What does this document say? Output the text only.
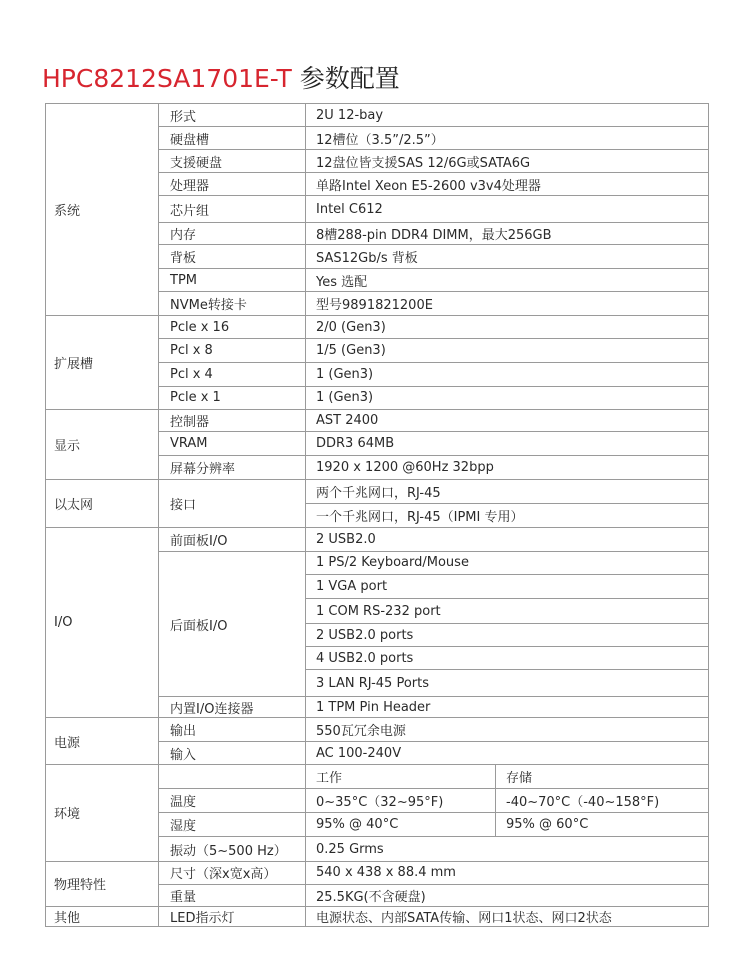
HPC8212SA1701E-T 参数配置
系统	形式	2U 12-bay	
	硬盘槽	12槽位（3.5”/2.5”）	
	支援硬盘	12盘位皆支援SAS 12/6G或SATA6G	
	处理器	单路Intel Xeon E5-2600 v3v4处理器	
	芯片组	Intel C612	
	内存	8槽288-pin DDR4 DIMM，最大256GB	
	背板	SAS12Gb/s 背板	
	TPM	Yes 选配	
	NVMe转接卡	型号9891821200E	
扩展槽	Pcle x 16	2/0 (Gen3)	
	Pcl x 8	1/5 (Gen3)	
	Pcl x 4	1 (Gen3)	
	Pcle x 1	1 (Gen3)	
显示	控制器	AST 2400	
	VRAM	DDR3 64MB	
	屏幕分辨率	1920 x 1200 @60Hz 32bpp	
以太网	接口	两个千兆网口，RJ-45	
		一个千兆网口，RJ-45（IPMI 专用）	
I/O	前面板I/O	2 USB2.0	
	后面板I/O	1 PS/2 Keyboard/Mouse	
		1 VGA port	
		1 COM RS-232 port	
		2 USB2.0 ports	
		4 USB2.0 ports	
		3 LAN RJ-45 Ports	
	内置I/O连接器	1 TPM Pin Header	
电源	输出	550瓦冗余电源	
	输入	AC 100-240V	
环境		工作	存储
	温度	0~35°C（32~95°F)	-40~70°C（-40~158°F)
	湿度	95% @ 40°C	95% @ 60°C
	振动（5~500 Hz）	0.25 Grms	
物理特性	尺寸（深x宽x高）	540 x 438 x 88.4 mm	
	重量	25.5KG(不含硬盘)	
其他	LED指示灯	电源状态、内部SATA传输、网口1状态、网口2状态	
